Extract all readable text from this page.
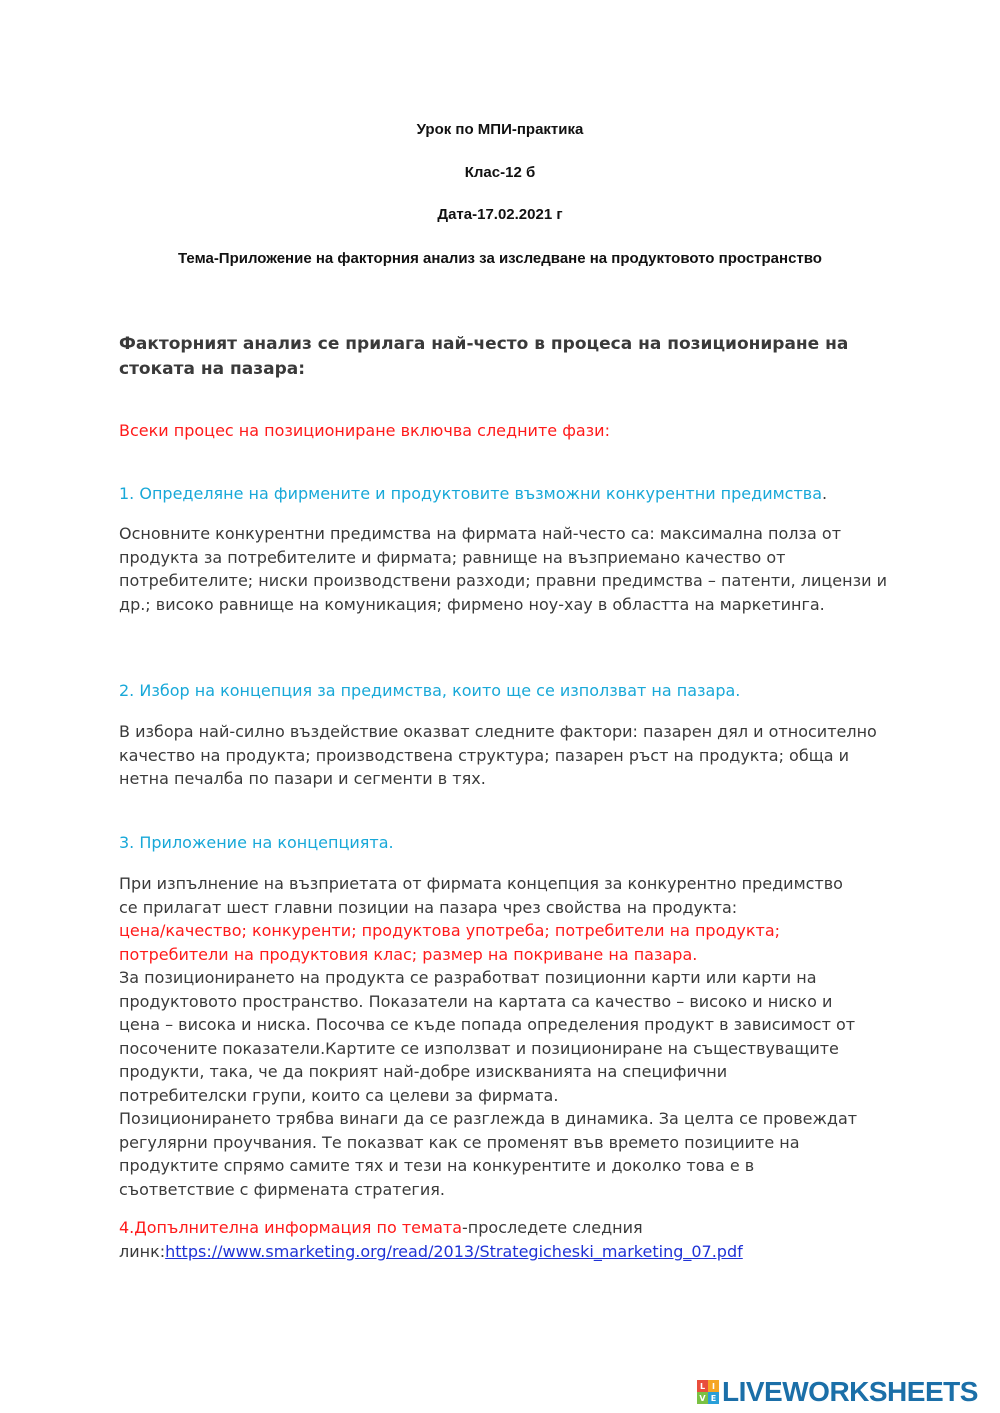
Урок по МПИ-практика
Клас-12 б
Дата-17.02.2021 г
Тема-Приложение на факторния анализ за изследване на продуктовото пространство
Факторният анализ се прилага най-често в процеса на позициониране на стоката на пазара:
Всеки процес на позициониране включва следните фази:
1. Определяне на фирмените и продуктовите възможни конкурентни предимства.
Основните конкурентни предимства на фирмата най-често са: максимална полза от продукта за потребителите и фирмата; равнище на възприемано качество от потребителите; ниски производствени разходи; правни предимства – патенти, лицензи и др.; високо равнище на комуникация; фирмено ноу-хау в областта на маркетинга.
2. Избор на концепция за предимства, които ще се използват на пазара.
В избора най-силно въздействие оказват следните фактори: пазарен дял и относително качество на продукта; производствена структура; пазарен ръст на продукта; обща и нетна печалба по пазари и сегменти в тях.
3. Приложение на концепцията.
При изпълнение на възприетата от фирмата концепция за конкурентно предимство
се прилагат шест главни позиции на пазара чрез свойства на продукта:
цена/качество; конкуренти; продуктова употреба; потребители на продукта;
потребители на продуктовия клас; размер на покриване на пазара.
За позиционирането на продукта се разработват позиционни карти или карти на
продуктовото пространство. Показатели на картата са качество – високо и ниско и
цена – висока и ниска. Посочва се къде попада определения продукт в зависимост от
посочените показатели.Картите се използват и позициониране на съществуващите
продукти, така, че да покрият най-добре изискванията на специфични
потребителски групи, които са целеви за фирмата.
Позиционирането трябва винаги да се разглежда в динамика. За целта се провеждат
регулярни проучвания. Те показват как се променят във времето позициите на
продуктите спрямо самите тях и тези на конкурентите и доколко това е в
съответствие с фирмената стратегия.
4.Допълнителна информация по темата-проследете следния
линк:https://www.smarketing.org/read/2013/Strategicheski_marketing_07.pdf
L I
V E LIVEWORKSHEETS
